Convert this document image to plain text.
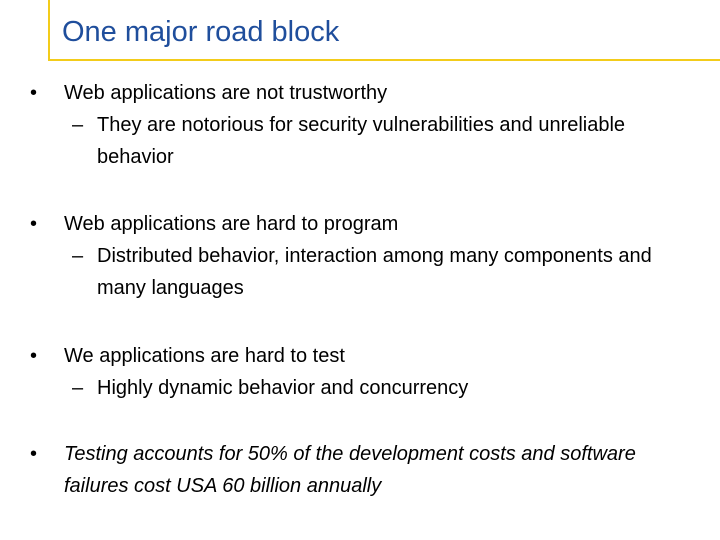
One major road block
• Web applications are not trustworthy
– They are notorious for security vulnerabilities and unreliable behavior
• Web applications are hard to program
– Distributed behavior, interaction among many components and many languages
• We applications are hard to test
– Highly dynamic behavior and concurrency
• Testing accounts for 50% of the development costs and software failures cost USA 60 billion annually
